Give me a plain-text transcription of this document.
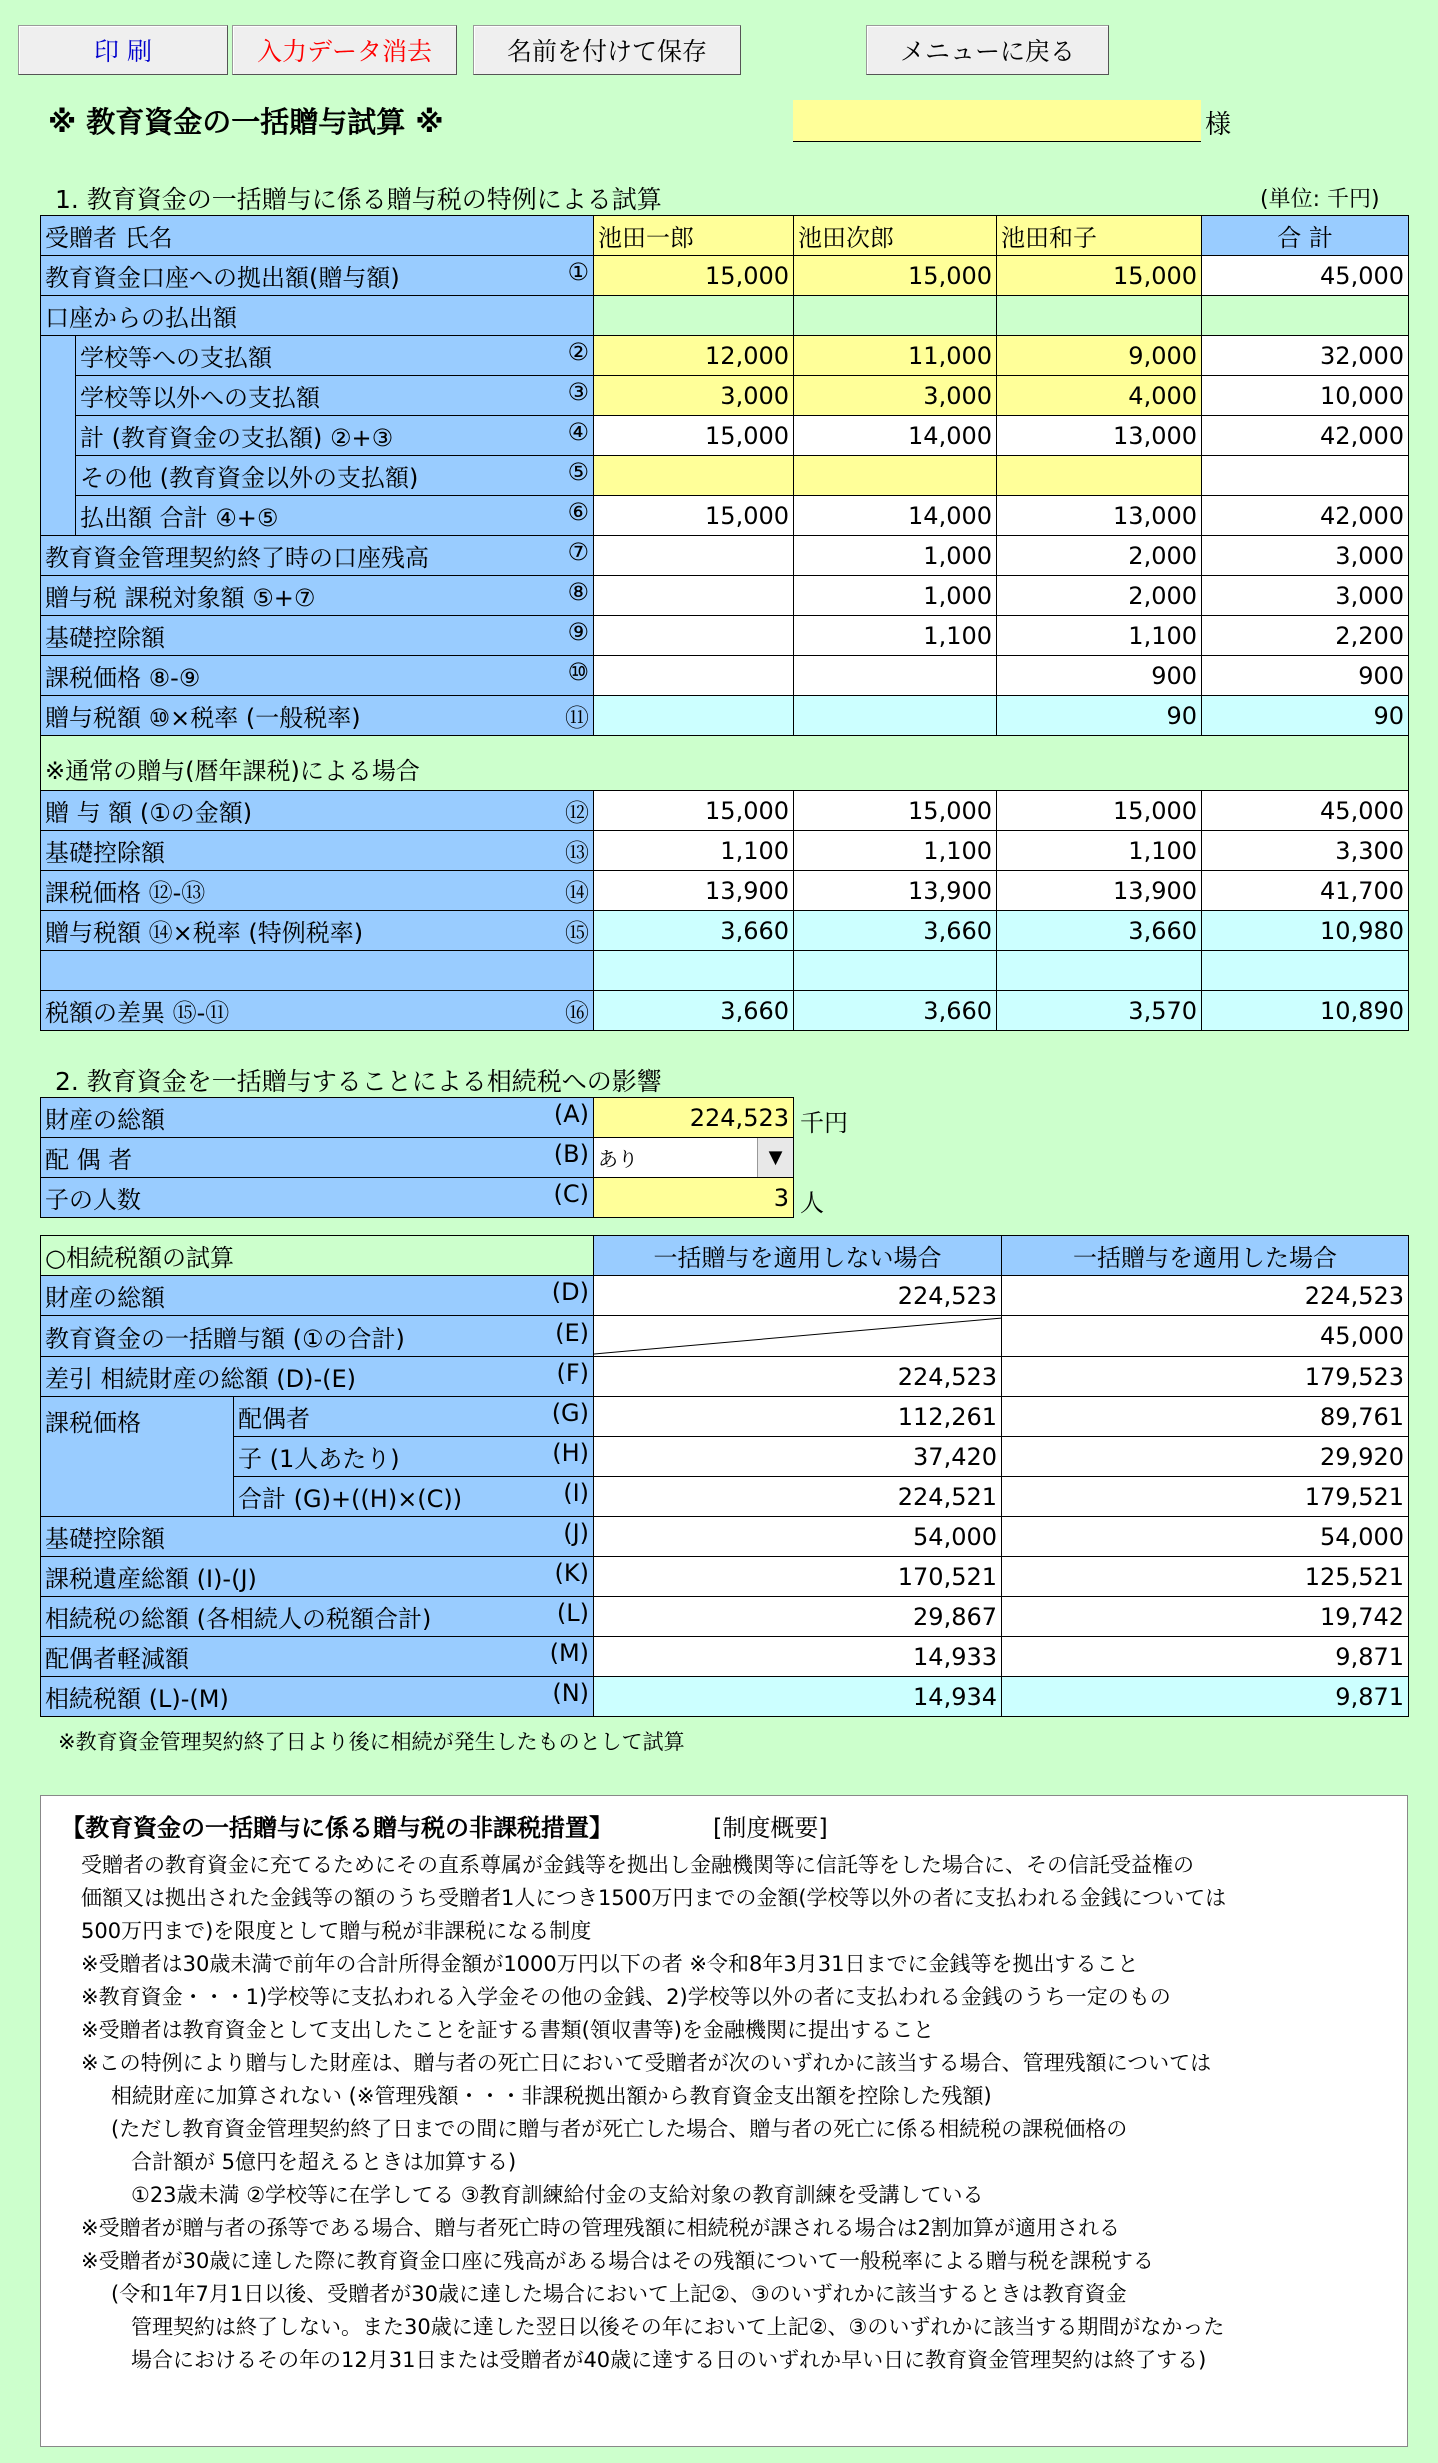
印 刷	入力データ消去	名前を付けて保存	メニューに戻る
※ 教育資金の一括贈与試算 ※	様
1. 教育資金の一括贈与に係る贈与税の特例による試算	(単位: 千円)
受贈者 氏名		池田一郎	池田次郎	池田和子	合 計
教育資金口座への拠出額(贈与額) ①		15,000	15,000	15,000	45,000
口座からの払出額					
	学校等への支払額 ②	12,000	11,000	9,000	32,000
	学校等以外への支払額 ③	3,000	3,000	4,000	10,000
	計 (教育資金の支払額) ②+③ ④	15,000	14,000	13,000	42,000
	その他 (教育資金以外の支払額) ⑤				

	払出額 合計 ④+⑤ ⑥	15,000	14,000	13,000	42,000
教育資金管理契約終了時の口座残高 ⑦			1,000	2,000	3,000
贈与税 課税対象額 ⑤+⑦ ⑧			1,000	2,000	3,000
基礎控除額 ⑨			1,100	1,100	2,200
課税価格 ⑧-⑨ ⑩				900	900
贈与税額 ⑩×税率 (一般税率) ⑪				90	90
※通常の贈与(暦年課税)による場合					
贈 与 額 (①の金額) ⑫		15,000	15,000	15,000	45,000
基礎控除額 ⑬		1,100	1,100	1,100	3,300
課税価格 ⑫-⑬ ⑭		13,900	13,900	13,900	41,700
贈与税額 ⑭×税率 (特例税率) ⑮		3,660	3,660	3,660	10,980

税額の差異 ⑮-⑪ ⑯		3,660	3,660	3,570	10,890
2. 教育資金を一括贈与することによる相続税への影響
財産の総額 (A)	224,523
配 偶 者 (B)	あり ▼

子の人数 (C)	3
千円
人
○相続税額の試算		一括贈与を適用しない場合	一括贈与を適用した場合
財産の総額 (D)		224,523	224,523
教育資金の一括贈与額 (①の合計) (E)			45,000
差引 相続財産の総額 (D)-(E) (F)		224,523	179,523
課税価格	配偶者 (G)	112,261	89,761
	子 (1人あたり) (H)	37,420	29,920
	合計 (G)+((H)×(C)) (I)	224,521	179,521
基礎控除額 (J)		54,000	54,000
課税遺産総額 (I)-(J) (K)		170,521	125,521
相続税の総額 (各相続人の税額合計) (L)		29,867	19,742
配偶者軽減額 (M)		14,933	9,871
相続税額 (L)-(M) (N)		14,934	9,871
※教育資金管理契約終了日より後に相続が発生したものとして試算

【教育資金の一括贈与に係る贈与税の非課税措置】	[制度概要]

受贈者の教育資金に充てるためにその直系尊属が金銭等を拠出し金融機関等に信託等をした場合に、その信託受益権の

価額又は拠出された金銭等の額のうち受贈者1人につき1500万円までの金額(学校等以外の者に支払われる金銭については

500万円まで)を限度として贈与税が非課税になる制度

※受贈者は30歳未満で前年の合計所得金額が1000万円以下の者 ※令和8年3月31日までに金銭等を拠出すること

※教育資金・・・1)学校等に支払われる入学金その他の金銭、2)学校等以外の者に支払われる金銭のうち一定のもの

※受贈者は教育資金として支出したことを証する書類(領収書等)を金融機関に提出すること

※この特例により贈与した財産は、贈与者の死亡日において受贈者が次のいずれかに該当する場合、管理残額については

相続財産に加算されない (※管理残額・・・非課税拠出額から教育資金支出額を控除した残額)

(ただし教育資金管理契約終了日までの間に贈与者が死亡した場合、贈与者の死亡に係る相続税の課税価格の

合計額が 5億円を超えるときは加算する)

①23歳未満 ②学校等に在学してる ③教育訓練給付金の支給対象の教育訓練を受講している

※受贈者が贈与者の孫等である場合、贈与者死亡時の管理残額に相続税が課される場合は2割加算が適用される

※受贈者が30歳に達した際に教育資金口座に残高がある場合はその残額について一般税率による贈与税を課税する

(令和1年7月1日以後、受贈者が30歳に達した場合において上記②、③のいずれかに該当するときは教育資金

管理契約は終了しない。また30歳に達した翌日以後その年において上記②、③のいずれかに該当する期間がなかった

場合におけるその年の12月31日または受贈者が40歳に達する日のいずれか早い日に教育資金管理契約は終了する)
